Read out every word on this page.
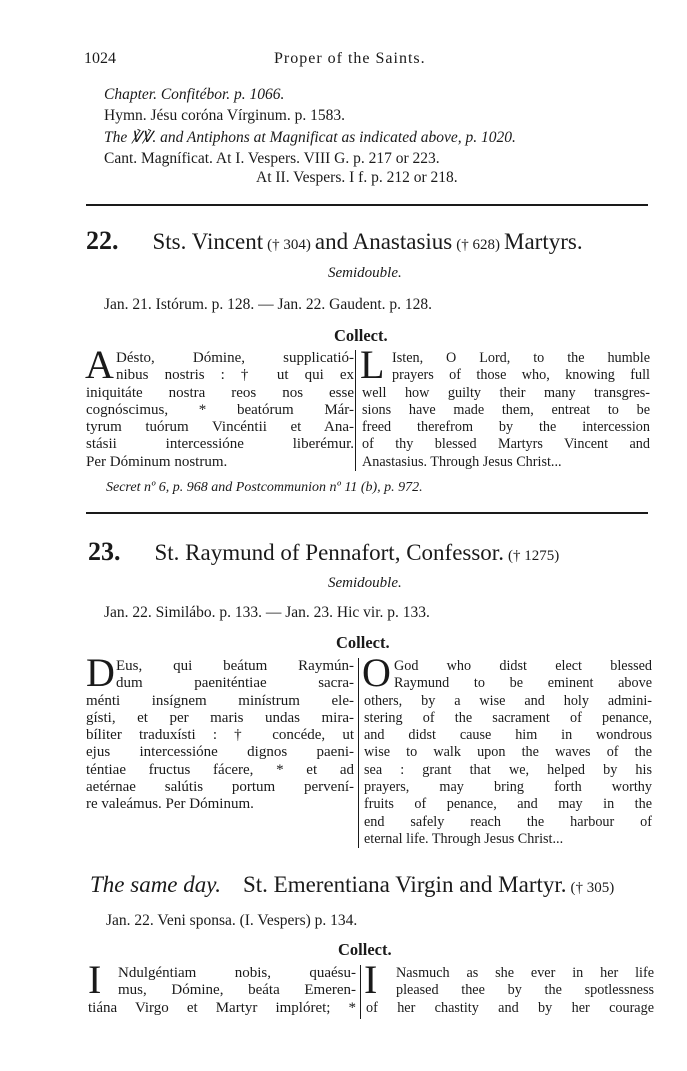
1024	Proper of the Saints.
Chapter. Confitébor. p. 1066.
Hymn. Jésu coróna Vírginum. p. 1583.
The ℣℣. and Antiphons at Magnificat as indicated above, p. 1020.
Cant. Magníficat. At I. Vespers. VIII G. p. 217 or 223.
At II. Vespers. I f. p. 212 or 218.
22. Sts. Vincent († 304) and Anastasius († 628) Martyrs.
Semidouble.
Jan. 21. Istórum. p. 128. — Jan. 22. Gaudent. p. 128.
Collect.
A Désto, Dómine, supplicatió-
nibus nostris : † ut qui ex
iniquitáte nostra reos nos esse
cognóscimus, * beatórum Már-
tyrum tuórum Vincéntii et Ana-
stásii intercessióne liberémur.
Per Dóminum nostrum.
L Isten, O Lord, to the humble
prayers of those who, knowing full
well how guilty their many transgres-
sions have made them, entreat to be
freed therefrom by the intercession
of thy blessed Martyrs Vincent and
Anastasius. Through Jesus Christ...
Secret nº 6, p. 968 and Postcommunion nº 11 (b), p. 972.
23. St. Raymund of Pennafort, Confessor. († 1275)
Semidouble.
Jan. 22. Similábo. p. 133. — Jan. 23. Hic vir. p. 133.
Collect.
D Eus, qui beátum Raymún-
dum paeniténtiae sacra-
ménti insígnem minístrum ele-
gísti, et per maris undas mira-
bíliter traduxísti : † concéde, ut
ejus intercessióne dignos paeni-
téntiae fructus fácere, * et ad
aetérnae salútis portum pervení-
re valeámus. Per Dóminum.
O God who didst elect blessed
Raymund to be eminent above
others, by a wise and holy admini-
stering of the sacrament of penance,
and didst cause him in wondrous
wise to walk upon the waves of the
sea : grant that we, helped by his
prayers, may bring forth worthy
fruits of penance, and may in the
end safely reach the harbour of
eternal life. Through Jesus Christ...
The same day. St. Emerentiana Virgin and Martyr. († 305)
Jan. 22. Veni sponsa. (I. Vespers) p. 134.
Collect.
I	Ndulgéntiam nobis, quaésu-
mus, Dómine, beáta Emeren-
tiána Virgo et Martyr implóret; *
I	Nasmuch as she ever in her life
pleased thee by the spotlessness
of her chastity and by her courage
